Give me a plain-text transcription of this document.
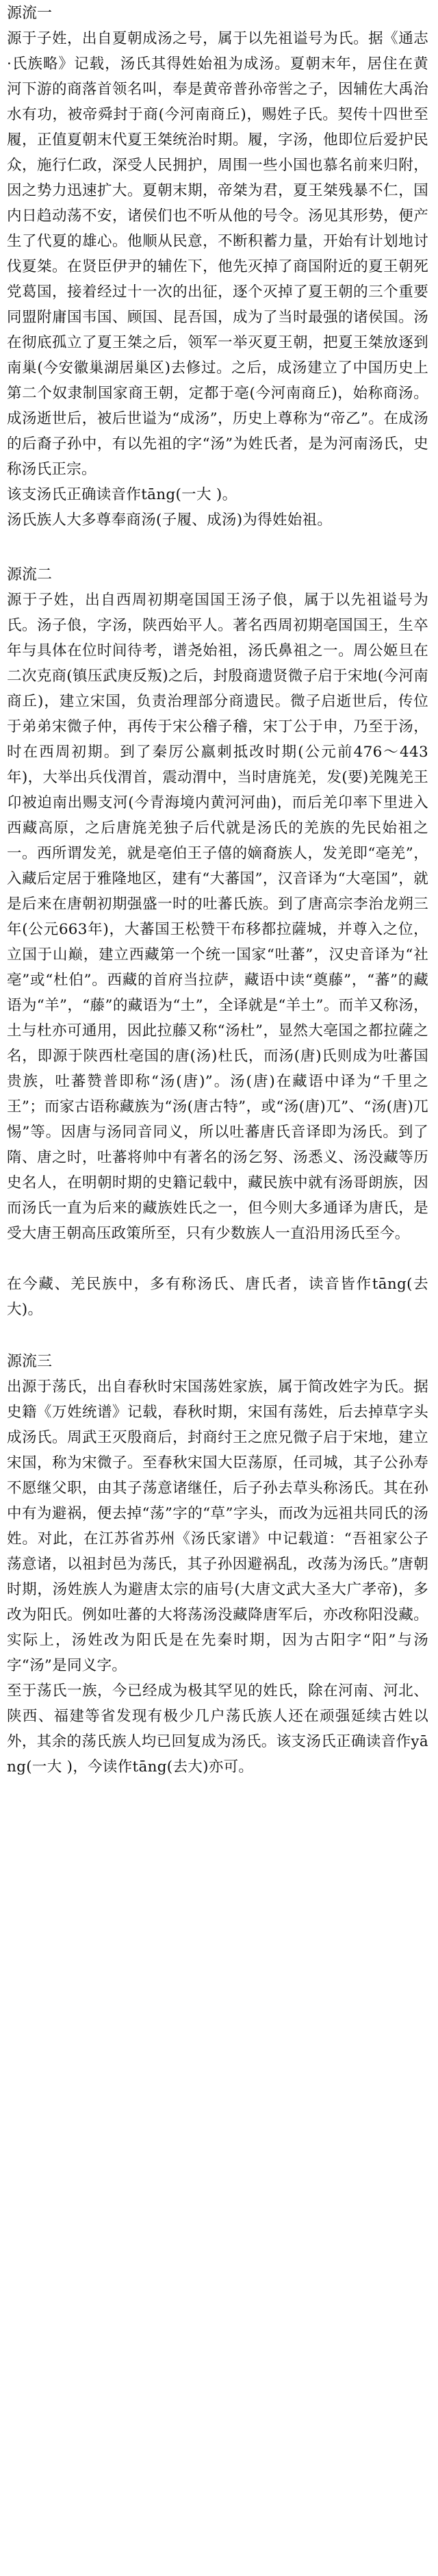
源流一

源于子姓，出自夏朝成汤之号，属于以先祖谥号为氏。据《通志·氏族略》记载，汤氏其得姓始祖为成汤。夏朝末年，居住在黄河下游的商落首领名叫，奉是黄帝普孙帝喾之子，因辅佐大禹治水有功，被帝舜封于商(今河南商丘)，赐姓子氏。契传十四世至履，正值夏朝末代夏王桀统治时期。履，字汤，他即位后爱护民众，施行仁政，深受人民拥护，周围一些小国也慕名前来归附，因之势力迅速扩大。夏朝末期，帝桀为君，夏王桀残暴不仁，国内日趋动荡不安，诸侯们也不听从他的号令。汤见其形势，便产生了代夏的雄心。他顺从民意，不断积蓄力量，开始有计划地讨伐夏桀。在贤臣伊尹的辅佐下，他先灭掉了商国附近的夏王朝死党葛国，接着经过十一次的出征，逐个灭掉了夏王朝的三个重要同盟附庸国韦国、顾国、昆吾国，成为了当时最强的诸侯国。汤在彻底孤立了夏王桀之后，领军一举灭夏王朝，把夏王桀放逐到南巢(今安徽巢湖居巢区)去修过。之后，成汤建立了中国历史上第二个奴隶制国家商王朝，定都于亳(今河南商丘)，始称商汤。成汤逝世后，被后世谥为“成汤”，历史上尊称为“帝乙”。在成汤的后裔子孙中，有以先祖的字“汤”为姓氏者，是为河南汤氏，史称汤氏正宗。

该支汤氏正确读音作tāng(一大 )。

汤氏族人大多尊奉商汤(子履、成汤)为得姓始祖。

源流二

源于子姓，出自西周初期亳国国王汤子俍，属于以先祖谥号为氏。汤子俍，字汤，陕西始平人。著名西周初期亳国国王，生卒年与具体在位时间待考，谱尧始祖，汤氏鼻祖之一。周公姬旦在二次克商(镇压武庚反叛)之后，封殷商遗贤微子启于宋地(今河南商丘)，建立宋国，负责治理部分商遗民。微子启逝世后，传位于弟弟宋微子仲，再传于宋公稽子稽，宋丁公于申，乃至于汤，时在西周初期。到了秦厉公嬴刺抵改时期(公元前476～443年)，大举出兵伐渭首，震动渭中，当时唐旄羌，发(要)羌隗羌王卬被迫南出赐支河(今青海境内黄河河曲)，而后羌卬率下里进入西藏高原，之后唐旄羌独子后代就是汤氏的羌族的先民始祖之一。西所谓发羌，就是亳伯王子僖的嫡裔族人，发羌即“亳羌”，入藏后定居于雅隆地区，建有“大蕃国”，汉音译为“大亳国”，就是后来在唐朝初期强盛一时的吐蕃氏族。到了唐高宗李治龙朔三年(公元663年)，大蕃国王松赞干布移都拉薩城，并尊入之位，立国于山巅，建立西藏第一个统一国家“吐蕃”，汉史音译为“社亳”或“杜伯”。西藏的首府当拉萨，藏语中读“奠藤”，“蕃”的藏语为“羊”，“藤”的藏语为“土”，全译就是“羊土”。而羊又称汤，土与杜亦可通用，因此拉藤又称“汤杜”，显然大亳国之都拉薩之名，即源于陕西杜亳国的唐(汤)杜氏，而汤(唐)氏则成为吐蕃国贵族，吐蕃赞普即称“汤(唐)”。汤(唐)在藏语中译为“千里之王”；而家古语称藏族为“汤(唐古特”，或“汤(唐)兀”、“汤(唐)兀惕”等。因唐与汤同音同义，所以吐蕃唐氏音译即为汤氏。到了隋、唐之时，吐蕃将帅中有著名的汤乞努、汤悉义、汤没藏等历史名人，在明朝时期的史籍记载中，藏民族中就有汤哥朗族，因而汤氏一直为后来的藏族姓氏之一，但今则大多通译为唐氏，是受大唐王朝高压政策所至，只有少数族人一直沿用汤氏至今。

在今藏、羌民族中，多有称汤氏、唐氏者，读音皆作tāng(去大)。

源流三

出源于荡氏，出自春秋时宋国荡姓家族，属于简改姓字为氏。据史籍《万姓统谱》记载，春秋时期，宋国有荡姓，后去掉草字头成汤氏。周武王灭殷商后，封商纣王之庶兄微子启于宋地，建立宋国，称为宋微子。至春秋宋国大臣荡原，任司城，其子公孙寿不愿继父职，由其子荡意诸继任，后子孙去草头称汤氏。其在孙中有为避祸，便去掉“荡”字的“草”字头，而改为远祖共同氏的汤姓。对此，在江苏省苏州《汤氏家谱》中记载道：“吾祖家公子荡意诸，以祖封邑为荡氏，其子孙因避祸乱，改荡为汤氏。”唐朝时期，汤姓族人为避唐太宗的庙号(大唐文武大圣大广孝帝)，多改为阳氏。例如吐蕃的大将荡汤没藏降唐军后，亦改称阳没藏。实际上，汤姓改为阳氏是在先秦时期，因为古阳字“阳”与汤字“汤”是同义字。

至于荡氏一族，今已经成为极其罕见的姓氏，除在河南、河北、陕西、福建等省发现有极少几户荡氏族人还在顽强延续古姓以外，其余的荡氏族人均已回复成为汤氏。该支汤氏正确读音作yāng(一大 )，今读作tāng(去大)亦可。
